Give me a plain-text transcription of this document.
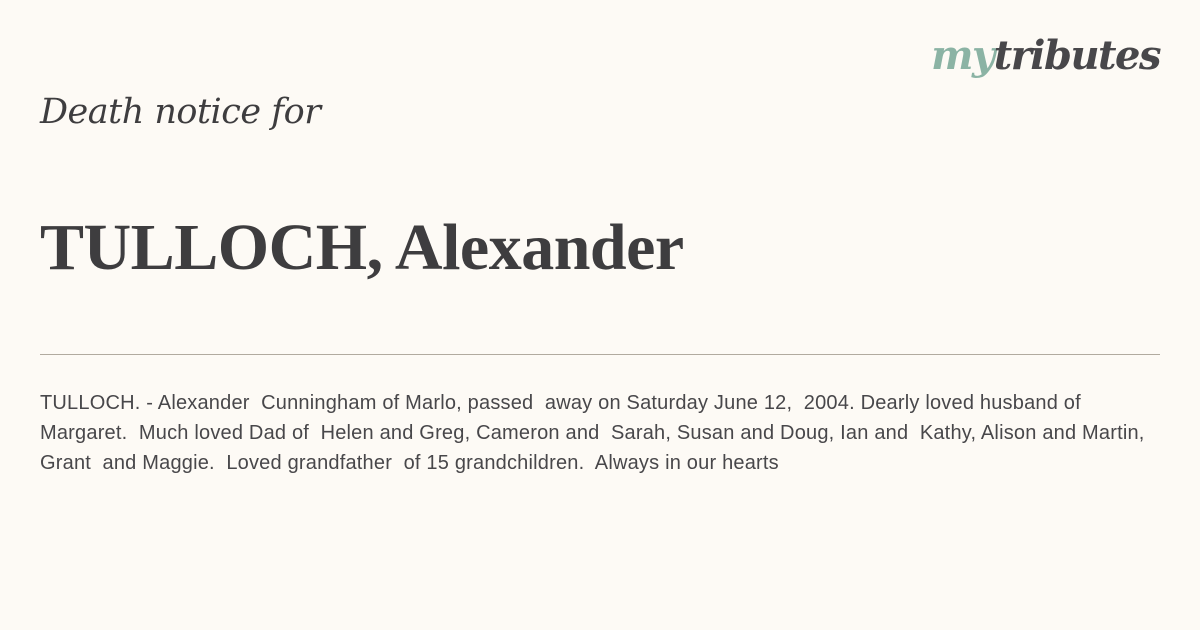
mytributes
Death notice for
TULLOCH, Alexander
TULLOCH. - Alexander  Cunningham of Marlo, passed  away on Saturday June 12,  2004. Dearly loved husband of Margaret.  Much loved Dad of  Helen and Greg, Cameron and  Sarah, Susan and Doug, Ian and  Kathy, Alison and Martin, Grant  and Maggie.  Loved grandfather  of 15 grandchildren.  Always in our hearts
